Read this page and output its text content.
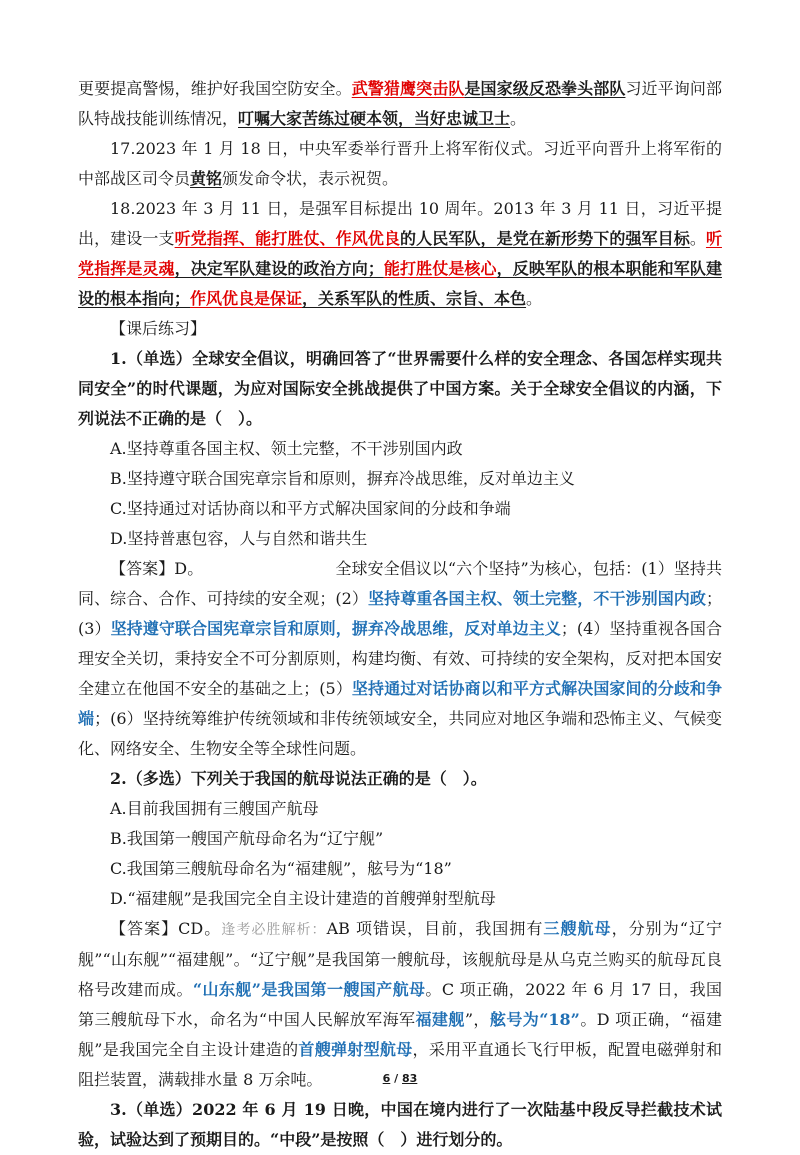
更要提高警惕，维护好我国空防安全。武警猎鹰突击队是国家级反恐拳头部队习近平询问部队特战技能训练情况，叮嘱大家苦练过硬本领，当好忠诚卫士。

17.2023 年 1 月 18 日，中央军委举行晋升上将军衔仪式。习近平向晋升上将军衔的中部战区司令员黄铭颁发命令状，表示祝贺。

18.2023 年 3 月 11 日，是强军目标提出 10 周年。2013 年 3 月 11 日，习近平提出，建设一支听党指挥、能打胜仗、作风优良的人民军队，是党在新形势下的强军目标。听党指挥是灵魂，决定军队建设的政治方向；能打胜仗是核心，反映军队的根本职能和军队建设的根本指向；作风优良是保证，关系军队的性质、宗旨、本色。

【课后练习】

1.（单选）全球安全倡议，明确回答了“世界需要什么样的安全理念、各国怎样实现共同安全”的时代课题，为应对国际安全挑战提供了中国方案。关于全球安全倡议的内涵，下列说法不正确的是（　）。

A.坚持尊重各国主权、领土完整，不干涉别国内政

B.坚持遵守联合国宪章宗旨和原则，摒弃冷战思维，反对单边主义

C.坚持通过对话协商以和平方式解决国家间的分歧和争端

D.坚持普惠包容，人与自然和谐共生

【答案】D。	全球安全倡议以“六个坚持”为核心，包括：(1）坚持共同、综合、合作、可持续的安全观；(2）坚持尊重各国主权、领土完整，不干涉别国内政；(3）坚持遵守联合国宪章宗旨和原则，摒弃冷战思维，反对单边主义；(4）坚持重视各国合理安全关切，秉持安全不可分割原则，构建均衡、有效、可持续的安全架构，反对把本国安全建立在他国不安全的基础之上；(5）坚持通过对话协商以和平方式解决国家间的分歧和争端；(6）坚持统筹维护传统领域和非传统领域安全，共同应对地区争端和恐怖主义、气候变化、网络安全、生物安全等全球性问题。

2.（多选）下列关于我国的航母说法正确的是（　）。

A.目前我国拥有三艘国产航母

B.我国第一艘国产航母命名为“辽宁舰”

C.我国第三艘航母命名为“福建舰”，舷号为“18”

D.“福建舰”是我国完全自主设计建造的首艘弹射型航母

【答案】CD。逢考必胜解析：AB 项错误，目前，我国拥有三艘航母，分别为“辽宁舰”“山东舰”“福建舰”。“辽宁舰”是我国第一艘航母，该舰航母是从乌克兰购买的航母瓦良格号改建而成。“山东舰”是我国第一艘国产航母。C 项正确，2022 年 6 月 17 日，我国第三艘航母下水，命名为“中国人民解放军海军福建舰”，舷号为“18”。D 项正确，“福建舰”是我国完全自主设计建造的首艘弹射型航母，采用平直通长飞行甲板，配置电磁弹射和阻拦装置，满载排水量 8 万余吨。

3.（单选）2022 年 6 月 19 日晚，中国在境内进行了一次陆基中段反导拦截技术试验，试验达到了预期目的。“中段”是按照（　）进行划分的。

6 / 83
